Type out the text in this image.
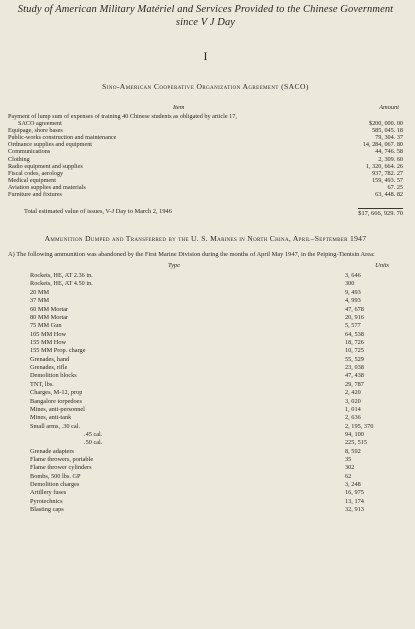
Study of American Military Matériel and Services Provided to the Chinese Government since V J Day
I
Sino-American Cooperative Organization Agreement (SACO)
Item	Amount
Payment of lump sum of expenses of training 40 Chinese students as obligated by article 17,
SACO agreement	$200, 000. 00
Equipage, shore bases	585, 045. 18
Public-works construction and maintenance	79, 304. 37
Ordnance supplies and equipment	14, 284, 067. 80
Communications	44, 746. 58
Clothing	2, 309. 60
Radio equipment and supplies	1, 320, 664. 26
Fiscal codes, aerology	937, 782. 27
Medical equipment	159, 493. 57
Aviation supplies and materials	67. 25
Furniture and fixtures	63, 448. 82
Total estimated value of issues, V-J Day to March 2, 1946	$17, 666, 929. 70
Ammunition Dumped and Transferred by the U. S. Marines in North China, April–September 1947
A) The following ammunition was abandoned by the First Marine Division during the months of April May 1947, in the Peiping-Tientsin Area:
Type	Units
Rockets, HE, AT 2.36 in.	3, 646
Rockets, HE, AT 4.50 in.	300
20 MM	9, 493
37 MM	4, 993
60 MM Mortar	47, 678
80 MM Mortar	20, 916
75 MM Gun	5, 577
105 MM How	64, 538
155 MM How	18, 726
155 MM Prop. charge	10, 725
Grenades, hand	55, 529
Grenades, rifle	23, 038
Demolition blocks	47, 438
TNT, lbs.	29, 787
Charges, M-12, prop	2, 420
Bangalore torpedoes	3, 020
Mines, anti-personnel	1, 014
Mines, anti-tank	2, 636
Small arms, .30 cal.	2, 195, 370
.45 cal.	94, 100
.50 cal.	225, 515
Grenade adapters	8, 592
Flame throwers, portable	35
Flame thrower cylinders	302
Bombs, 500 lbs. GP	62
Demolition charges	3, 248
Artillery fuses	16, 975
Pyrotechnics	13, 174
Blasting caps	32, 913
